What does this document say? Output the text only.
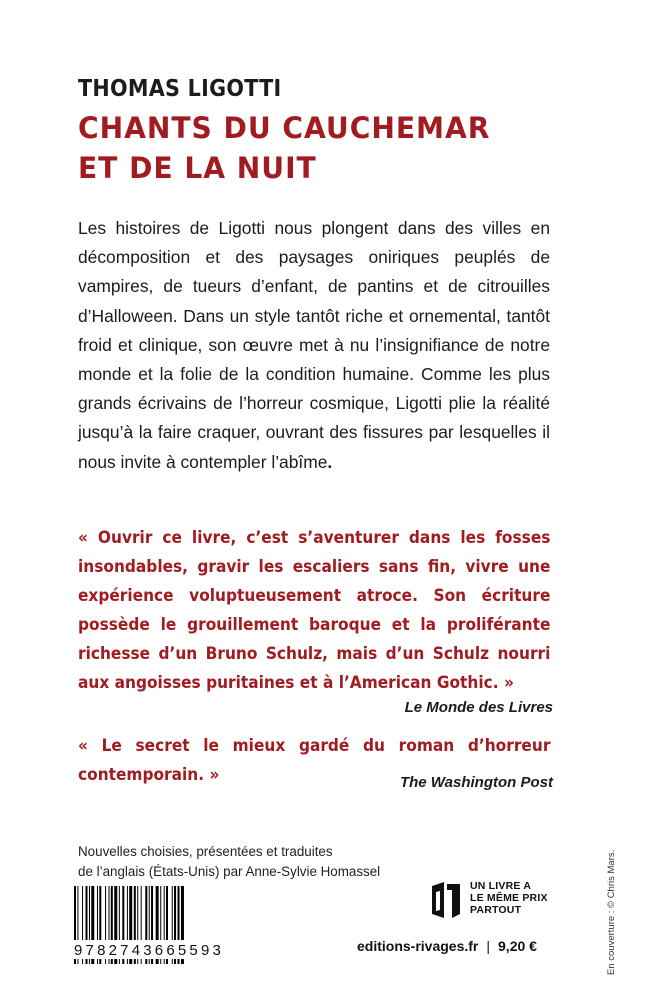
THOMAS LIGOTTI
CHANTS DU CAUCHEMAR
ET DE LA NUIT
Les histoires de Ligotti nous plongent dans des villes en décomposition et des paysages oniriques peuplés de vampires, de tueurs d’enfant, de pantins et de citrouilles d’Halloween. Dans un style tantôt riche et ornemental, tantôt froid et clinique, son œuvre met à nu l’insignifiance de notre monde et la folie de la condition humaine. Comme les plus grands écrivains de l’horreur cosmique, Ligotti plie la réalité jusqu’à la faire craquer, ouvrant des fissures par lesquelles il nous invite à contempler l’abîme.
« Ouvrir ce livre, c’est s’aventurer dans les fosses insondables, gravir les escaliers sans fin, vivre une expérience voluptueusement atroce. Son écriture possède le grouillement baroque et la proliférante richesse d’un Bruno Schulz, mais d’un Schulz nourri aux angoisses puritaines et à l’American Gothic. »
Le Monde des Livres
« Le secret le mieux gardé du roman d’horreur contemporain. »	The Washington Post
Nouvelles choisies, présentées et traduites
de l’anglais (États-Unis) par Anne-Sylvie Homassel
9782743665593
UN LIVRE A
LE MÊME PRIX
PARTOUT
editions-rivages.fr | 9,20 €	En couverture : © Chris Mars.
